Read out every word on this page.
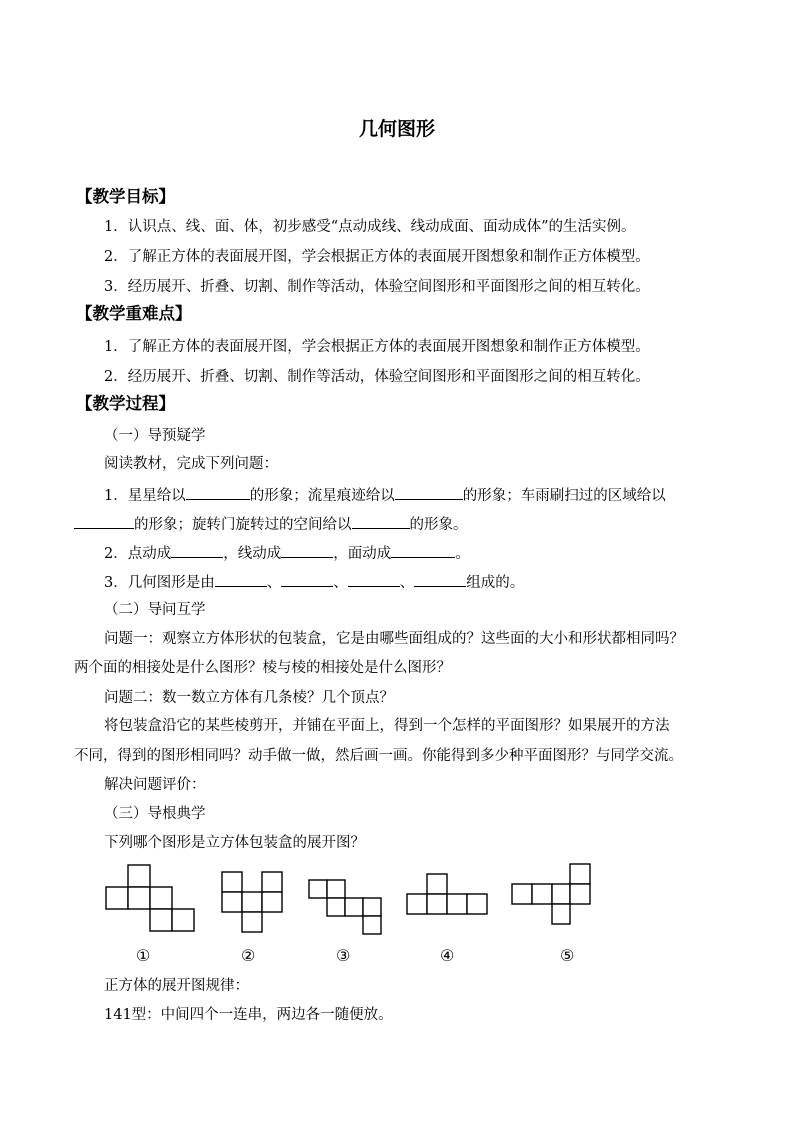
几何图形
【教学目标】
1．认识点、线、面、体，初步感受“点动成线、线动成面、面动成体”的生活实例。
2．了解正方体的表面展开图，学会根据正方体的表面展开图想象和制作正方体模型。
3．经历展开、折叠、切割、制作等活动，体验空间图形和平面图形之间的相互转化。
【教学重难点】
1．了解正方体的表面展开图，学会根据正方体的表面展开图想象和制作正方体模型。
2．经历展开、折叠、切割、制作等活动，体验空间图形和平面图形之间的相互转化。
【教学过程】
（一）导预疑学
阅读教材，完成下列问题：
1．星星给以	的形象；流星痕迹给以	的形象；车雨刷扫过的区域给以
的形象；旋转门旋转过的空间给以	的形象。
2．点动成	，线动成	，面动成	。
3．几何图形是由	、	、	、	组成的。
（二）导问互学
问题一：观察立方体形状的包装盒，它是由哪些面组成的？这些面的大小和形状都相同吗？
两个面的相接处是什么图形？棱与棱的相接处是什么图形？
问题二：数一数立方体有几条棱？几个顶点？
将包装盒沿它的某些棱剪开，并铺在平面上，得到一个怎样的平面图形？如果展开的方法
不同，得到的图形相同吗？动手做一做，然后画一画。你能得到多少种平面图形？与同学交流。
解决问题评价：
（三）导根典学
下列哪个图形是立方体包装盒的展开图？
①	②	③	④	⑤
正方体的展开图规律：
141型：中间四个一连串，两边各一随便放。
